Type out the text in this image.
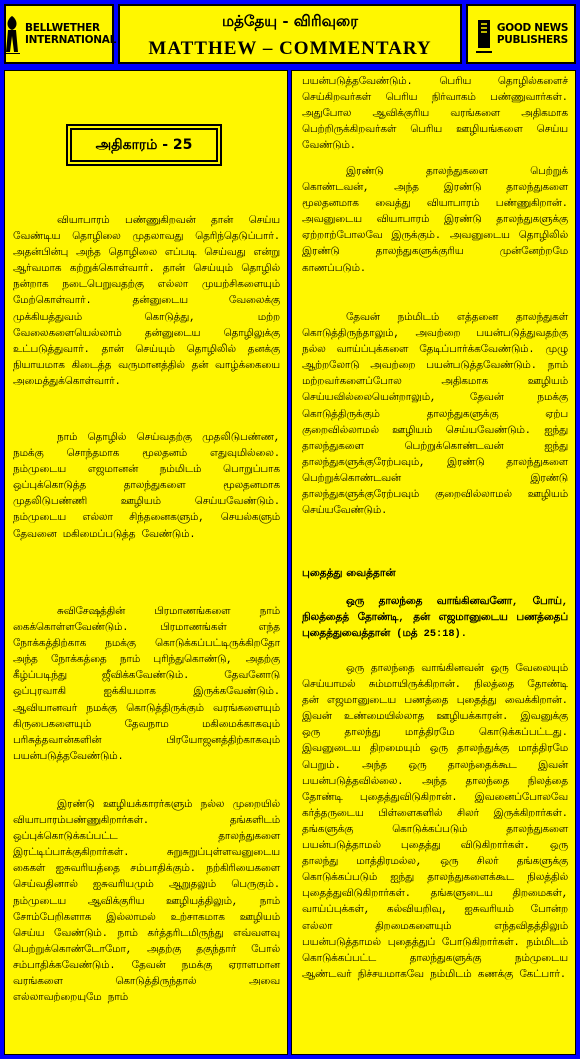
BELLWETHER
INTERNATIONAL
மத்தேயு - விரிவுரை
MATTHEW – COMMENTARY
GOOD NEWS
PUBLISHERS
அதிகாரம் - 25

வியாபாரம் பண்ணுகிறவன் தான் செய்ய வேண்டிய தொழிலை முதலாவது தெரிந்தெடுப்பார். அதன்பின்பு அந்த தொழிலை எப்படி செய்வது என்று ஆர்வமாக கற்றுக்கொள்வார். தான் செய்யும் தொழில் நன்றாக நடைபெறுவதற்கு எல்லா முயற்சிகளையும் மேற்கொள்வார். தன்னுடைய வேலைக்கு முக்கியத்துவம் கொடுத்து, மற்ற வேலைகளையெல்லாம் தன்னுடைய தொழிலுக்கு உட்படுத்துவார். தான் செய்யும் தொழிலில் தனக்கு நியாயமாக கிடைத்த வருமானத்தில் தன் வாழ்க்கையை அமைத்துக்கொள்வார்.

நாம் தொழில் செய்வதற்கு முதலிடுபண்ண, நமக்கு சொந்தமாக மூலதனம் எதுவுமில்லை. நம்முடைய எஜமானன் நம்மிடம் பொறுப்பாக ஒப்புக்கொடுத்த தாலந்துகளை மூலதனமாக முதலிடுபண்ணி ஊழியம் செய்யவேண்டும். நம்முடைய எல்லா சிந்தனைகளும், செயல்களும் தேவனை மகிமைப்படுத்த வேண்டும்.

சுவிசேஷத்தின் பிரமாணங்களை நாம் கைக்கொள்ளவேண்டும். பிரமாணங்கள் எந்த நோக்கத்திற்காக நமக்கு கொடுக்கப்பட்டிருக்கிறதோ அந்த நோக்கத்தை நாம் புரிந்துகொண்டு, அதற்கு கீழ்ப்படிந்து ஜீவிக்கவேண்டும். தேவனோடு ஒப்புரவாகி ஐக்கியமாக இருக்கவேண்டும். ஆவியானவர் நமக்கு கொடுத்திருக்கும் வரங்களையும் கிருபைகளையும் தேவநாம மகிமைக்காகவும் பரிசுத்தவான்களின் பிரயோஜனத்திற்காகவும் பயன்படுத்தவேண்டும்.

இரண்டு ஊழியக்காரர்களும் நல்ல முறையில் வியாபாரம்பண்ணுகிறார்கள். தங்களிடம் ஒப்புக்கொடுக்கப்பட்ட தாலந்துகளை இரட்டிப்பாக்குகிறார்கள். சுறுசுறுப்புள்ளவனுடைய கைகள் ஐசுவரியத்தை சம்பாதிக்கும். நற்கிரியைகளை செய்வதினால் ஐசுவரியமும் ஆறுதலும் பெருகும். நம்முடைய ஆவிக்குரிய ஊழியத்திலும், நாம் சோம்பேறிகளாக இல்லாமல் உற்சாகமாக ஊழியம் செய்ய வேண்டும். நாம் கர்த்தரிடமிருந்து எவ்வளவு பெற்றுக்கொண்டோமோ, அதற்கு தகுந்தார் போல் சம்பாதிக்கவேண்டும். தேவன் நமக்கு ஏராளமான வரங்களை கொடுத்திருந்தால் அவை எல்லாவற்றையுமே நாம்

பயன்படுத்தவேண்டும். பெரிய தொழில்களைச் செய்கிறவர்கள் பெரிய நிர்வாகம் பண்ணுவார்கள். அதுபோல ஆவிக்குரிய வரங்களை அதிகமாக பெற்றிருக்கிறவர்கள் பெரிய ஊழியங்களை செய்ய வேண்டும்.

இரண்டு தாலந்துகளை பெற்றுக் கொண்டவன், அந்த இரண்டு தாலந்துகளை மூலதனமாக வைத்து வியாபாரம் பண்ணுகிறான். அவனுடைய வியாபாரம் இரண்டு தாலந்துகளுக்கு ஏற்றாற்போலவே இருக்கும். அவனுடைய தொழிலில் இரண்டு தாலந்துகளுக்குரிய முன்னேற்றமே காணப்படும்.

தேவன் நம்மிடம் எத்தனை தாலந்துகள் கொடுத்திருந்தாலும், அவற்றை பயன்படுத்துவதற்கு நல்ல வாய்ப்புக்களை தேடிப்பார்க்கவேண்டும். முழு ஆற்றலோடு அவற்றை பயன்படுத்தவேண்டும். நாம் மற்றவர்களைப்போல அதிகமாக ஊழியம் செய்யவில்லையென்றாலும், தேவன் நமக்கு கொடுத்திருக்கும் தாலந்துகளுக்கு ஏற்ப குறைவில்லாமல் ஊழியம் செய்யவேண்டும். ஐந்து தாலந்துகளை பெற்றுக்கொண்டவன் ஐந்து தாலந்துகளுக்குரேற்பவும், இரண்டு தாலந்துகளை பெற்றுக்கொண்டவன் இரண்டு தாலந்துகளுக்குரேற்பவும் குறைவில்லாமல் ஊழியம் செய்யவேண்டும்.

புதைத்து வைத்தான்

ஒரு தாலந்தை வாங்கினவனோ, போய், நிலத்தைத் தோண்டி, தன் எஜமானுடைய பணத்தைப் புதைத்துவைத்தான் (மத் 25:18).

ஒரு தாலந்தை வாங்கினவன் ஒரு வேலையும் செய்யாமல் சும்மாயிருக்கிறான். நிலத்தை தோண்டி தன் எஜமானுடைய பணத்தை புதைத்து வைக்கிறான். இவன் உண்மையில்லாத ஊழியக்காரன். இவனுக்கு ஒரு தாலந்து மாத்திரமே கொடுக்கப்பட்டது. இவனுடைய திறமையும் ஒரு தாலந்துக்கு மாத்திரமே பெறும். அந்த ஒரு தாலந்தைக்கூட இவன் பயன்படுத்தவில்லை. அந்த தாலந்தை நிலத்தை தோண்டி புதைத்துவிடுகிறான். இவனைப்போலவே கர்த்தருடைய பிள்ளைகளில் சிலர் இருக்கிறார்கள். தங்களுக்கு கொடுக்கப்படும் தாலந்துகளை பயன்படுத்தாமல் புதைத்து விடுகிறார்கள். ஒரு தாலந்து மாத்திரமல்ல, ஒரு சிலர் தங்களுக்கு கொடுக்கப்படும் ஐந்து தாலந்துகளைக்கூட நிலத்தில் புதைத்துவிடுகிறார்கள். தங்களுடைய திறமைகள், வாய்ப்புக்கள், கல்வியறிவு, ஐசுவரியம் போன்ற எல்லா திறமைகளையும் எந்தவிதத்திலும் பயன்படுத்தாமல் புதைத்துப் போடுகிறார்கள். நம்மிடம் கொடுக்கப்பட்ட தாலந்துகளுக்கு நம்முடைய ஆண்டவர் நிச்சயமாகவே நம்மிடம் கணக்கு கேட்பார்.
